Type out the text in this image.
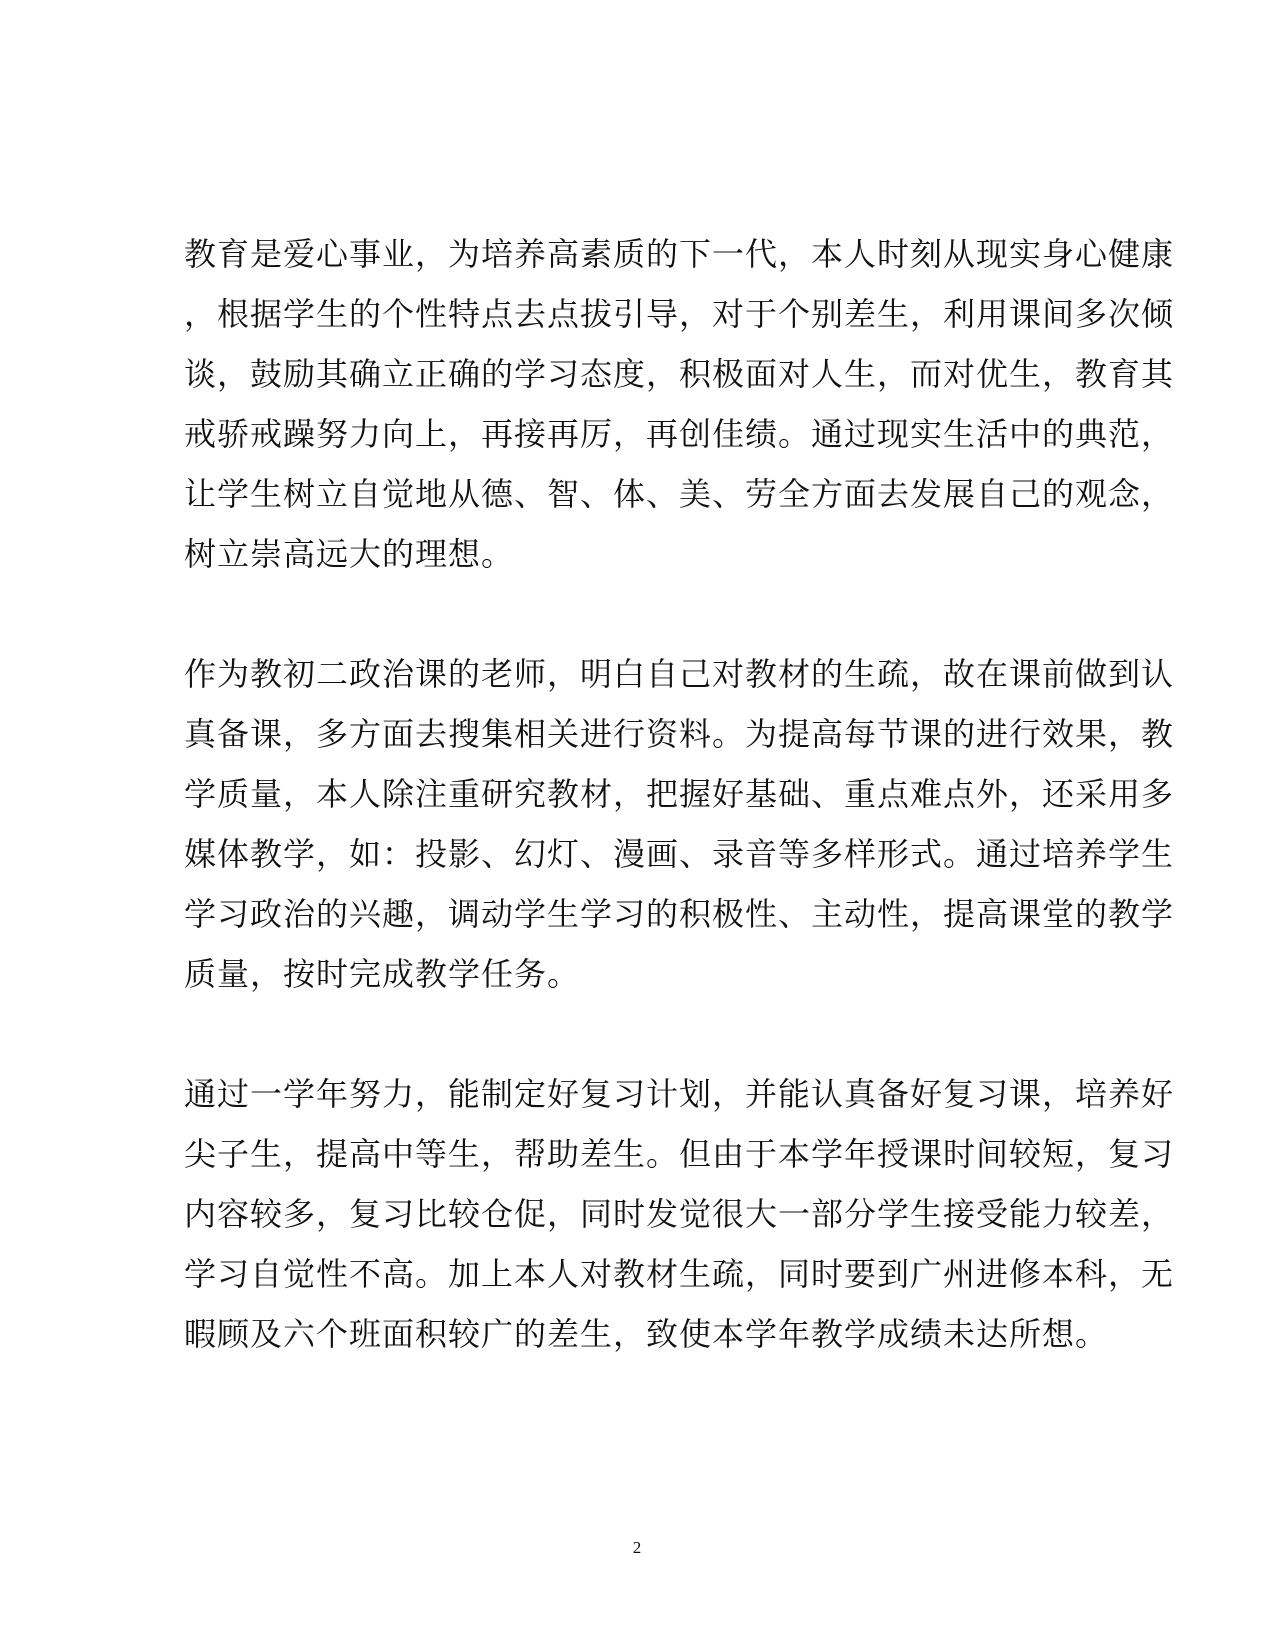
教育是爱心事业，为培养高素质的下一代，本人时刻从现实身心健康
，根据学生的个性特点去点拔引导，对于个别差生，利用课间多次倾
谈，鼓励其确立正确的学习态度，积极面对人生，而对优生，教育其
戒骄戒躁努力向上，再接再厉，再创佳绩。通过现实生活中的典范，
让学生树立自觉地从德、智、体、美、劳全方面去发展自己的观念，
树立崇高远大的理想。

作为教初二政治课的老师，明白自己对教材的生疏，故在课前做到认
真备课，多方面去搜集相关进行资料。为提高每节课的进行效果，教
学质量，本人除注重研究教材，把握好基础、重点难点外，还采用多
媒体教学，如：投影、幻灯、漫画、录音等多样形式。通过培养学生
学习政治的兴趣，调动学生学习的积极性、主动性，提高课堂的教学
质量，按时完成教学任务。

通过一学年努力，能制定好复习计划，并能认真备好复习课，培养好
尖子生，提高中等生，帮助差生。但由于本学年授课时间较短，复习
内容较多，复习比较仓促，同时发觉很大一部分学生接受能力较差，
学习自觉性不高。加上本人对教材生疏，同时要到广州进修本科，无
暇顾及六个班面积较广的差生，致使本学年教学成绩未达所想。

2
